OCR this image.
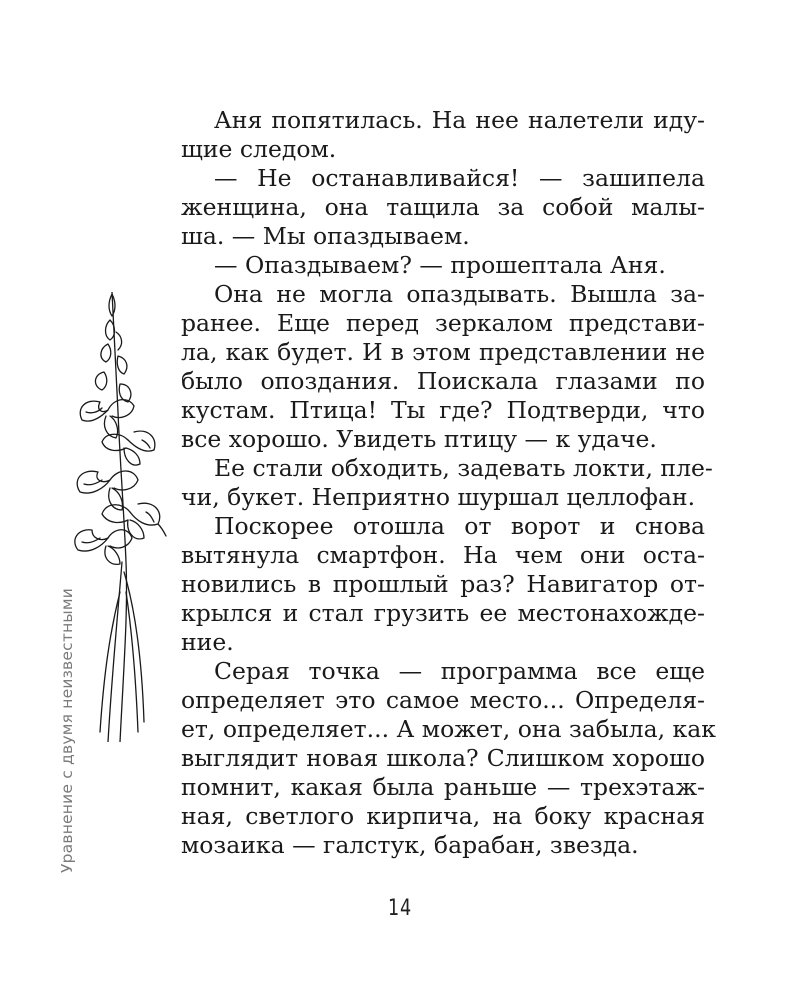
Уравнение с двумя неизвестными

Аня попятилась. На нее налетели иду-
щие следом.

— Не останавливайся! — зашипела
женщина, она тащила за собой малы-
ша. — Мы опаздываем.

— Опаздываем? — прошептала Аня.

Она не могла опаздывать. Вышла за-
ранее. Еще перед зеркалом представи-
ла, как будет. И в этом представлении не
было опоздания. Поискала глазами по
кустам. Птица! Ты где? Подтверди, что
все хорошо. Увидеть птицу — к удаче.

Ее стали обходить, задевать локти, пле-
чи, букет. Неприятно шуршал целлофан.

Поскорее отошла от ворот и снова
вытянула смартфон. На чем они оста-
новились в прошлый раз? Навигатор от-
крылся и стал грузить ее местонахожде-
ние.

Серая точка — программа все еще
определяет это самое место... Определя-
ет, определяет... А может, она забыла, как
выглядит новая школа? Слишком хорошо
помнит, какая была раньше — трехэтаж-
ная, светлого кирпича, на боку красная
мозаика — галстук, барабан, звезда.

14
